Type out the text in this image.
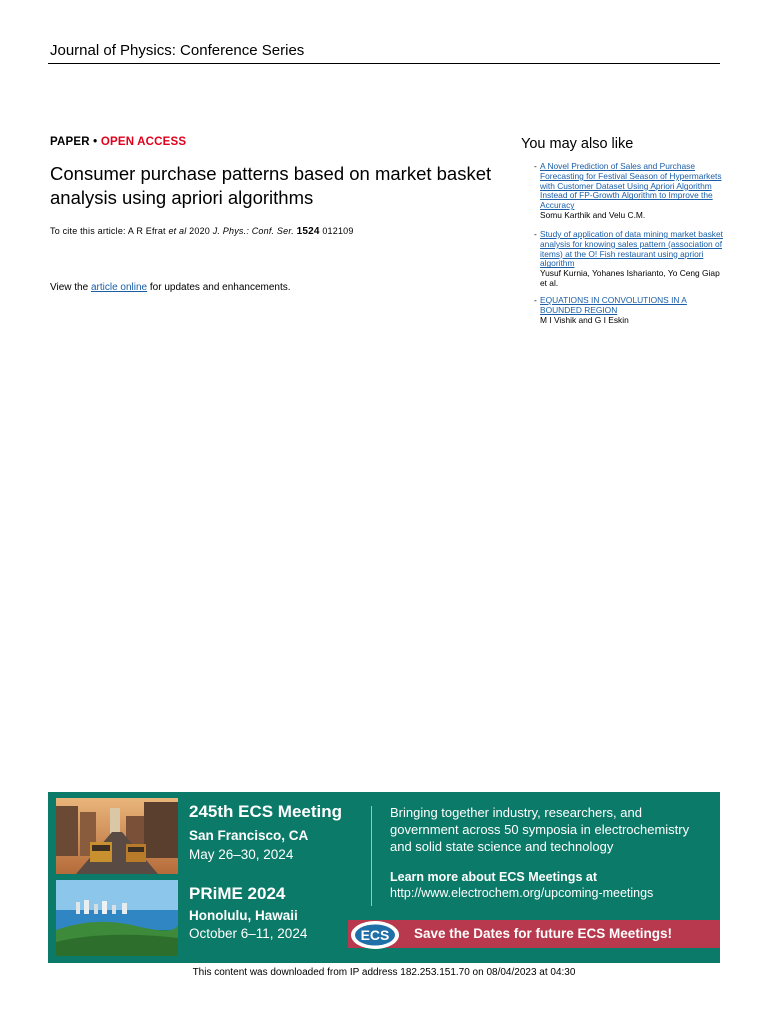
Journal of Physics: Conference Series
PAPER • OPEN ACCESS
Consumer purchase patterns based on market basket analysis using apriori algorithms
To cite this article: A R Efrat et al 2020 J. Phys.: Conf. Ser. 1524 012109
View the article online for updates and enhancements.
You may also like
- A Novel Prediction of Sales and Purchase Forecasting for Festival Season of Hypermarkets with Customer Dataset Using Apriori Algorithm Instead of FP-Growth Algorithm to Improve the Accuracy
Somu Karthik and Velu C.M.
- Study of application of data mining market basket analysis for knowing sales pattern (association of items) at the O! Fish restaurant using apriori algorithm
Yusuf Kurnia, Yohanes Isharianto, Yo Ceng Giap et al.
- EQUATIONS IN CONVOLUTIONS IN A BOUNDED REGION
M I Vishik and G I Eskin
245th ECS Meeting
San Francisco, CA
May 26–30, 2024
PRiME 2024
Honolulu, Hawaii
October 6–11, 2024
Bringing together industry, researchers, and government across 50 symposia in electrochemistry and solid state science and technology
Learn more about ECS Meetings at
http://www.electrochem.org/upcoming-meetings
ECS Save the Dates for future ECS Meetings!
This content was downloaded from IP address 182.253.151.70 on 08/04/2023 at 04:30
